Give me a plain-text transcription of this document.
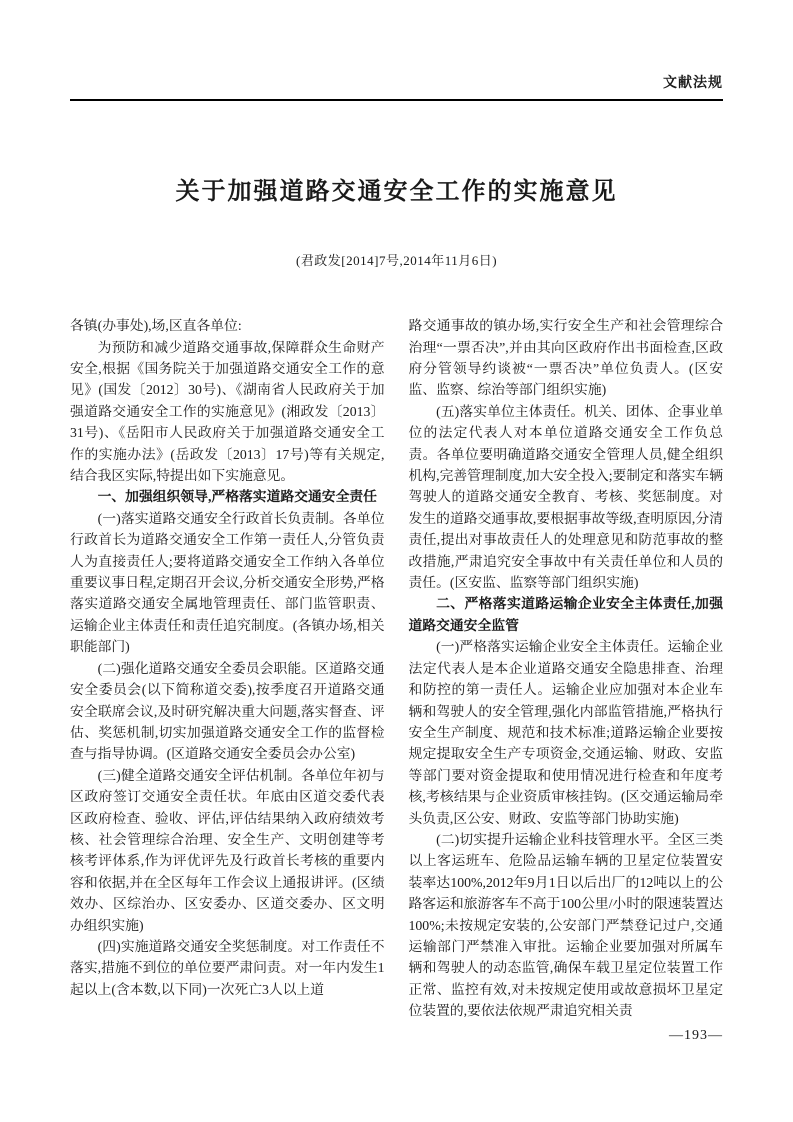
文献法规
关于加强道路交通安全工作的实施意见
(君政发[2014]7号,2014年11月6日)

各镇(办事处),场,区直各单位:

为预防和减少道路交通事故,保障群众生命财产安全,根据《国务院关于加强道路交通安全工作的意见》(国发〔2012〕30号)、《湖南省人民政府关于加强道路交通安全工作的实施意见》(湘政发〔2013〕31号)、《岳阳市人民政府关于加强道路交通安全工作的实施办法》(岳政发〔2013〕17号)等有关规定,结合我区实际,特提出如下实施意见。

一、加强组织领导,严格落实道路交通安全责任

(一)落实道路交通安全行政首长负责制。各单位行政首长为道路交通安全工作第一责任人,分管负责人为直接责任人;要将道路交通安全工作纳入各单位重要议事日程,定期召开会议,分析交通安全形势,严格落实道路交通安全属地管理责任、部门监管职责、运输企业主体责任和责任追究制度。(各镇办场,相关职能部门)

(二)强化道路交通安全委员会职能。区道路交通安全委员会(以下简称道交委),按季度召开道路交通安全联席会议,及时研究解决重大问题,落实督查、评估、奖惩机制,切实加强道路交通安全工作的监督检查与指导协调。(区道路交通安全委员会办公室)

(三)健全道路交通安全评估机制。各单位年初与区政府签订交通安全责任状。年底由区道交委代表区政府检查、验收、评估,评估结果纳入政府绩效考核、社会管理综合治理、安全生产、文明创建等考核考评体系,作为评优评先及行政首长考核的重要内容和依据,并在全区每年工作会议上通报讲评。(区绩效办、区综治办、区安委办、区道交委办、区文明办组织实施)

(四)实施道路交通安全奖惩制度。对工作责任不落实,措施不到位的单位要严肃问责。对一年内发生1起以上(含本数,以下同)一次死亡3人以上道

路交通事故的镇办场,实行安全生产和社会管理综合治理“一票否决”,并由其向区政府作出书面检查,区政府分管领导约谈被“一票否决”单位负责人。(区安监、监察、综治等部门组织实施)

(五)落实单位主体责任。机关、团体、企事业单位的法定代表人对本单位道路交通安全工作负总责。各单位要明确道路交通安全管理人员,健全组织机构,完善管理制度,加大安全投入;要制定和落实车辆驾驶人的道路交通安全教育、考核、奖惩制度。对发生的道路交通事故,要根据事故等级,查明原因,分清责任,提出对事故责任人的处理意见和防范事故的整改措施,严肃追究安全事故中有关责任单位和人员的责任。(区安监、监察等部门组织实施)

二、严格落实道路运输企业安全主体责任,加强道路交通安全监管

(一)严格落实运输企业安全主体责任。运输企业法定代表人是本企业道路交通安全隐患排查、治理和防控的第一责任人。运输企业应加强对本企业车辆和驾驶人的安全管理,强化内部监管措施,严格执行安全生产制度、规范和技术标准;道路运输企业要按规定提取安全生产专项资金,交通运输、财政、安监等部门要对资金提取和使用情况进行检查和年度考核,考核结果与企业资质审核挂钩。(区交通运输局牵头负责,区公安、财政、安监等部门协助实施)

(二)切实提升运输企业科技管理水平。全区三类以上客运班车、危险品运输车辆的卫星定位装置安装率达100%,2012年9月1日以后出厂的12吨以上的公路客运和旅游客车不高于100公里/小时的限速装置达100%;未按规定安装的,公安部门严禁登记过户,交通运输部门严禁准入审批。运输企业要加强对所属车辆和驾驶人的动态监管,确保车载卫星定位装置工作正常、监控有效,对未按规定使用或故意损坏卫星定位装置的,要依法依规严肃追究相关责

—193—
